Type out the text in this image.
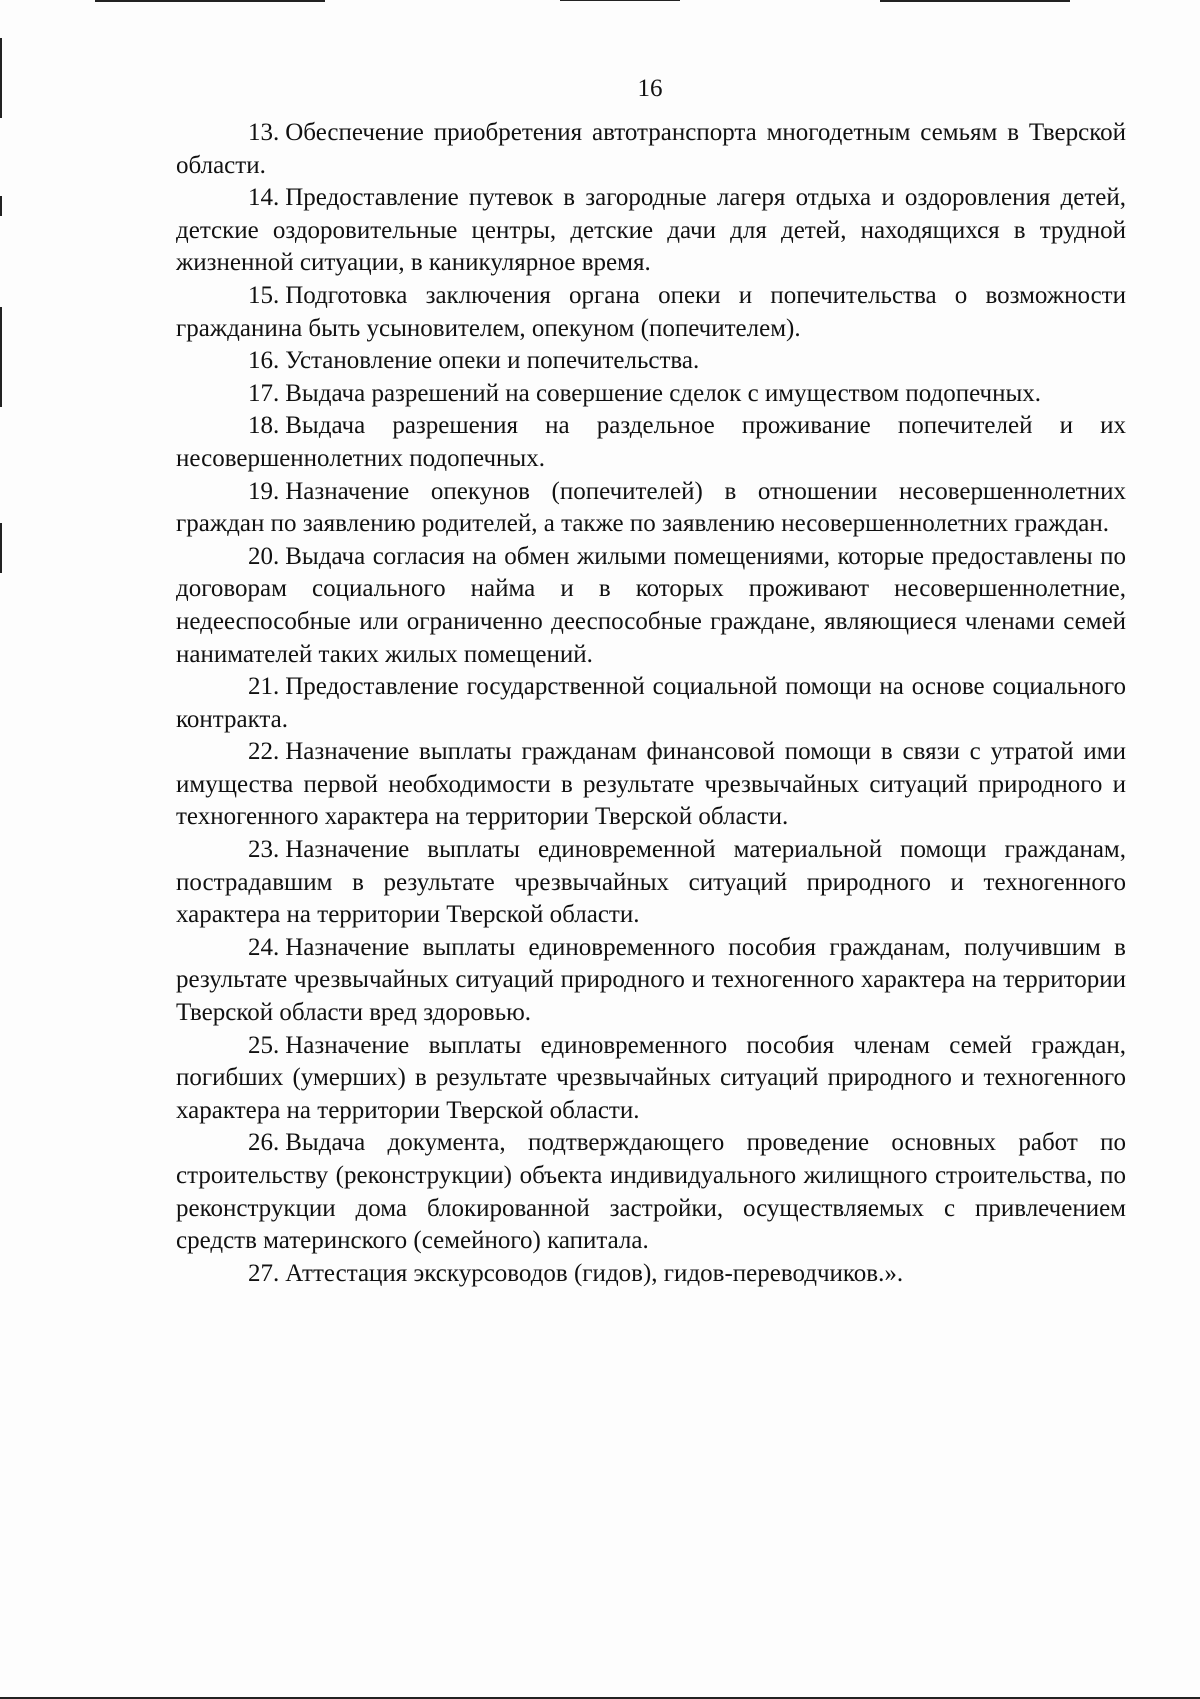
16

13. Обеспечение приобретения автотранспорта многодетным семьям в Тверской области.

14. Предоставление путевок в загородные лагеря отдыха и оздоровления детей, детские оздоровительные центры, детские дачи для детей, находящихся в трудной жизненной ситуации, в каникулярное время.

15. Подготовка заключения органа опеки и попечительства о возможности гражданина быть усыновителем, опекуном (попечителем).

16. Установление опеки и попечительства.

17. Выдача разрешений на совершение сделок с имуществом подопечных.

18. Выдача разрешения на раздельное проживание попечителей и их несовершеннолетних подопечных.

19. Назначение опекунов (попечителей) в отношении несовершеннолетних граждан по заявлению родителей, а также по заявлению несовершеннолетних граждан.

20. Выдача согласия на обмен жилыми помещениями, которые предоставлены по договорам социального найма и в которых проживают несовершеннолетние, недееспособные или ограниченно дееспособные граждане, являющиеся членами семей нанимателей таких жилых помещений.

21. Предоставление государственной социальной помощи на основе социального контракта.

22. Назначение выплаты гражданам финансовой помощи в связи с утратой ими имущества первой необходимости в результате чрезвычайных ситуаций природного и техногенного характера на территории Тверской области.

23. Назначение выплаты единовременной материальной помощи гражданам, пострадавшим в результате чрезвычайных ситуаций природного и техногенного характера на территории Тверской области.

24. Назначение выплаты единовременного пособия гражданам, получившим в результате чрезвычайных ситуаций природного и техногенного характера на территории Тверской области вред здоровью.

25. Назначение выплаты единовременного пособия членам семей граждан, погибших (умерших) в результате чрезвычайных ситуаций природного и техногенного характера на территории Тверской области.

26. Выдача документа, подтверждающего проведение основных работ по строительству (реконструкции) объекта индивидуального жилищного строительства, по реконструкции дома блокированной застройки, осуществляемых с привлечением средств материнского (семейного) капитала.

27. Аттестация экскурсоводов (гидов), гидов-переводчиков.».
